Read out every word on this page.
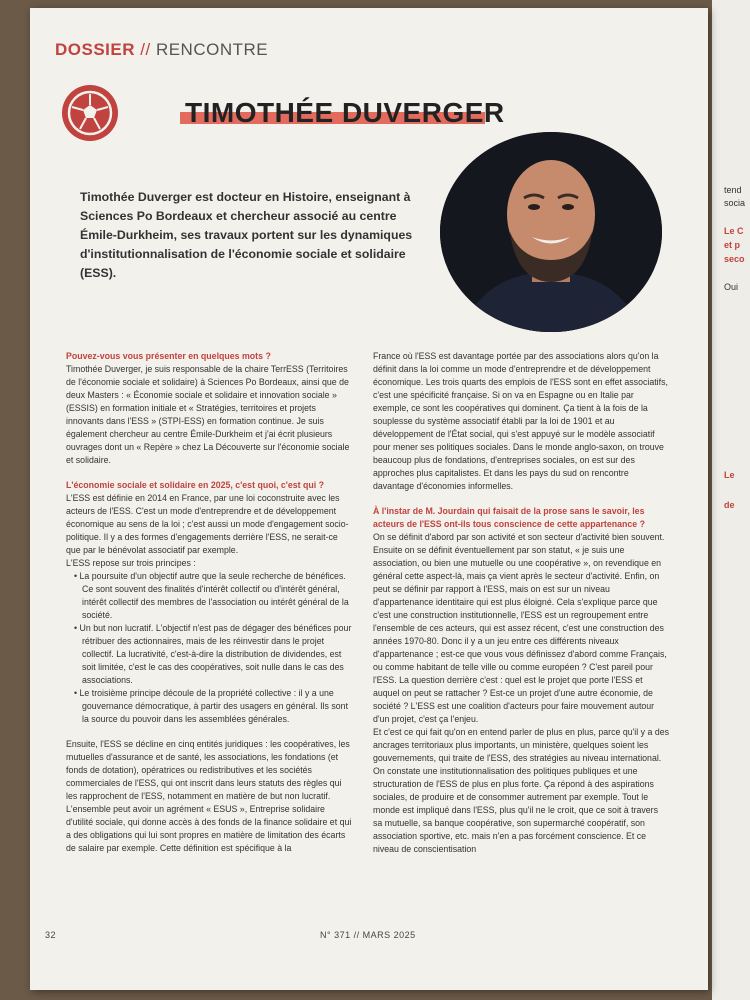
tend
socia
Le C
et p
seco
Oui
Le
de
DOSSIER // RENCONTRE
TIMOTHÉE DUVERGER
Timothée Duverger est docteur en Histoire, enseignant à Sciences Po Bordeaux et chercheur associé au centre Émile-Durkheim, ses travaux portent sur les dynamiques d'institutionnalisation de l'économie sociale et solidaire (ESS).
Pouvez-vous vous présenter en quelques mots ?

Timothée Duverger, je suis responsable de la chaire TerrESS (Territoires de l'économie sociale et solidaire) à Sciences Po Bordeaux, ainsi que de deux Masters : « Économie sociale et solidaire et innovation sociale » (ESSIS) en formation initiale et « Stratégies, territoires et projets innovants dans l'ESS » (STPI-ESS) en formation continue. Je suis également chercheur au centre Émile-Durkheim et j'ai écrit plusieurs ouvrages dont un « Repère » chez La Découverte sur l'économie sociale et solidaire.

L'économie sociale et solidaire en 2025, c'est quoi, c'est qui ?

L'ESS est définie en 2014 en France, par une loi coconstruite avec les acteurs de l'ESS. C'est un mode d'entreprendre et de développement économique au sens de la loi ; c'est aussi un mode d'engagement socio-politique. Il y a des formes d'engagements derrière l'ESS, ne serait-ce que par le bénévolat associatif par exemple.

L'ESS repose sur trois principes :

• La poursuite d'un objectif autre que la seule recherche de bénéfices. Ce sont souvent des finalités d'intérêt collectif ou d'intérêt général, intérêt collectif des membres de l'association ou intérêt général de la société.
• Un but non lucratif. L'objectif n'est pas de dégager des bénéfices pour rétribuer des actionnaires, mais de les réinvestir dans le projet collectif. La lucrativité, c'est-à-dire la distribution de dividendes, est soit limitée, c'est le cas des coopératives, soit nulle dans le cas des associations.
• Le troisième principe découle de la propriété collective : il y a une gouvernance démocratique, à partir des usagers en général. Ils sont la source du pouvoir dans les assemblées générales.

Ensuite, l'ESS se décline en cinq entités juridiques : les coopératives, les mutuelles d'assurance et de santé, les associations, les fondations (et fonds de dotation), opératrices ou redistributives et les sociétés commerciales de l'ESS, qui ont inscrit dans leurs statuts des règles qui les rapprochent de l'ESS, notamment en matière de but non lucratif. L'ensemble peut avoir un agrément « ESUS », Entreprise solidaire d'utilité sociale, qui donne accès à des fonds de la finance solidaire et qui a des obligations qui lui sont propres en matière de limitation des écarts de salaire par exemple. Cette définition est spécifique à la

France où l'ESS est davantage portée par des associations alors qu'on la définit dans la loi comme un mode d'entreprendre et de développement économique. Les trois quarts des emplois de l'ESS sont en effet associatifs, c'est une spécificité française. Si on va en Espagne ou en Italie par exemple, ce sont les coopératives qui dominent. Ça tient à la fois de la souplesse du système associatif établi par la loi de 1901 et au développement de l'État social, qui s'est appuyé sur le modèle associatif pour mener ses politiques sociales. Dans le monde anglo-saxon, on trouve beaucoup plus de fondations, d'entreprises sociales, on est sur des approches plus capitalistes. Et dans les pays du sud on rencontre davantage d'économies informelles.

À l'instar de M. Jourdain qui faisait de la prose sans le savoir, les acteurs de l'ESS ont-ils tous conscience de cette appartenance ?

On se définit d'abord par son activité et son secteur d'activité bien souvent. Ensuite on se définit éventuellement par son statut, « je suis une association, ou bien une mutuelle ou une coopérative », on revendique en général cette aspect-là, mais ça vient après le secteur d'activité. Enfin, on peut se définir par rapport à l'ESS, mais on est sur un niveau d'appartenance identitaire qui est plus éloigné. Cela s'explique parce que c'est une construction institutionnelle, l'ESS est un regroupement entre l'ensemble de ces acteurs, qui est assez récent, c'est une construction des années 1970-80. Donc il y a un jeu entre ces différents niveaux d'appartenance ; est-ce que vous vous définissez d'abord comme Français, ou comme habitant de telle ville ou comme européen ? C'est pareil pour l'ESS. La question derrière c'est : quel est le projet que porte l'ESS et auquel on peut se rattacher ? Est-ce un projet d'une autre économie, de société ? L'ESS est une coalition d'acteurs pour faire mouvement autour d'un projet, c'est ça l'enjeu.

Et c'est ce qui fait qu'on en entend parler de plus en plus, parce qu'il y a des ancrages territoriaux plus importants, un ministère, quelques soient les gouvernements, qui traite de l'ESS, des stratégies au niveau international. On constate une institutionnalisation des politiques publiques et une structuration de l'ESS de plus en plus forte. Ça répond à des aspirations sociales, de produire et de consommer autrement par exemple. Tout le monde est impliqué dans l'ESS, plus qu'il ne le croit, que ce soit à travers sa mutuelle, sa banque coopérative, son supermarché coopératif, son association sportive, etc. mais n'en a pas forcément conscience. Et ce niveau de conscientisation

32	N° 371 // MARS 2025
